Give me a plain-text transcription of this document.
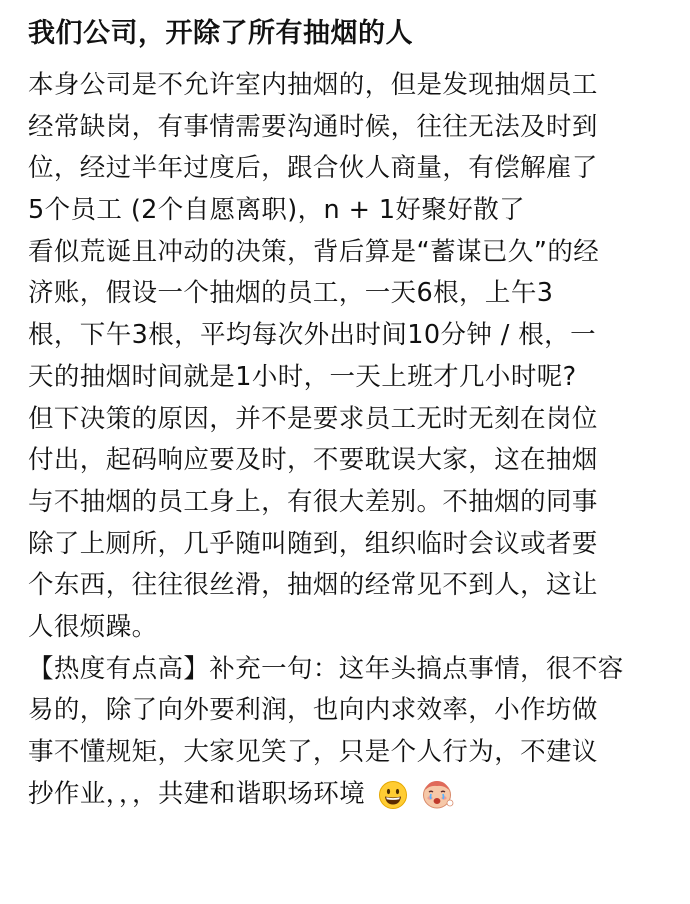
我们公司，开除了所有抽烟的人
本身公司是不允许室内抽烟的，但是发现抽烟员工
经常缺岗，有事情需要沟通时候，往往无法及时到
位，经过半年过度后，跟合伙人商量，有偿解雇了
5个员工 (2个自愿离职)，n + 1好聚好散了
看似荒诞且冲动的决策，背后算是“蓄谋已久”的经
济账，假设一个抽烟的员工，一天6根，上午3
根，下午3根，平均每次外出时间10分钟 / 根，一
天的抽烟时间就是1小时，一天上班才几小时呢?
但下决策的原因，并不是要求员工无时无刻在岗位
付出，起码响应要及时，不要耽误大家，这在抽烟
与不抽烟的员工身上，有很大差别。不抽烟的同事
除了上厕所，几乎随叫随到，组织临时会议或者要
个东西，往往很丝滑，抽烟的经常见不到人，这让
人很烦躁。
【热度有点高】补充一句：这年头搞点事情，很不容
易的，除了向外要利润，也向内求效率，小作坊做
事不懂规矩，大家见笑了，只是个人行为，不建议
抄作业，，，共建和谐职场环境
